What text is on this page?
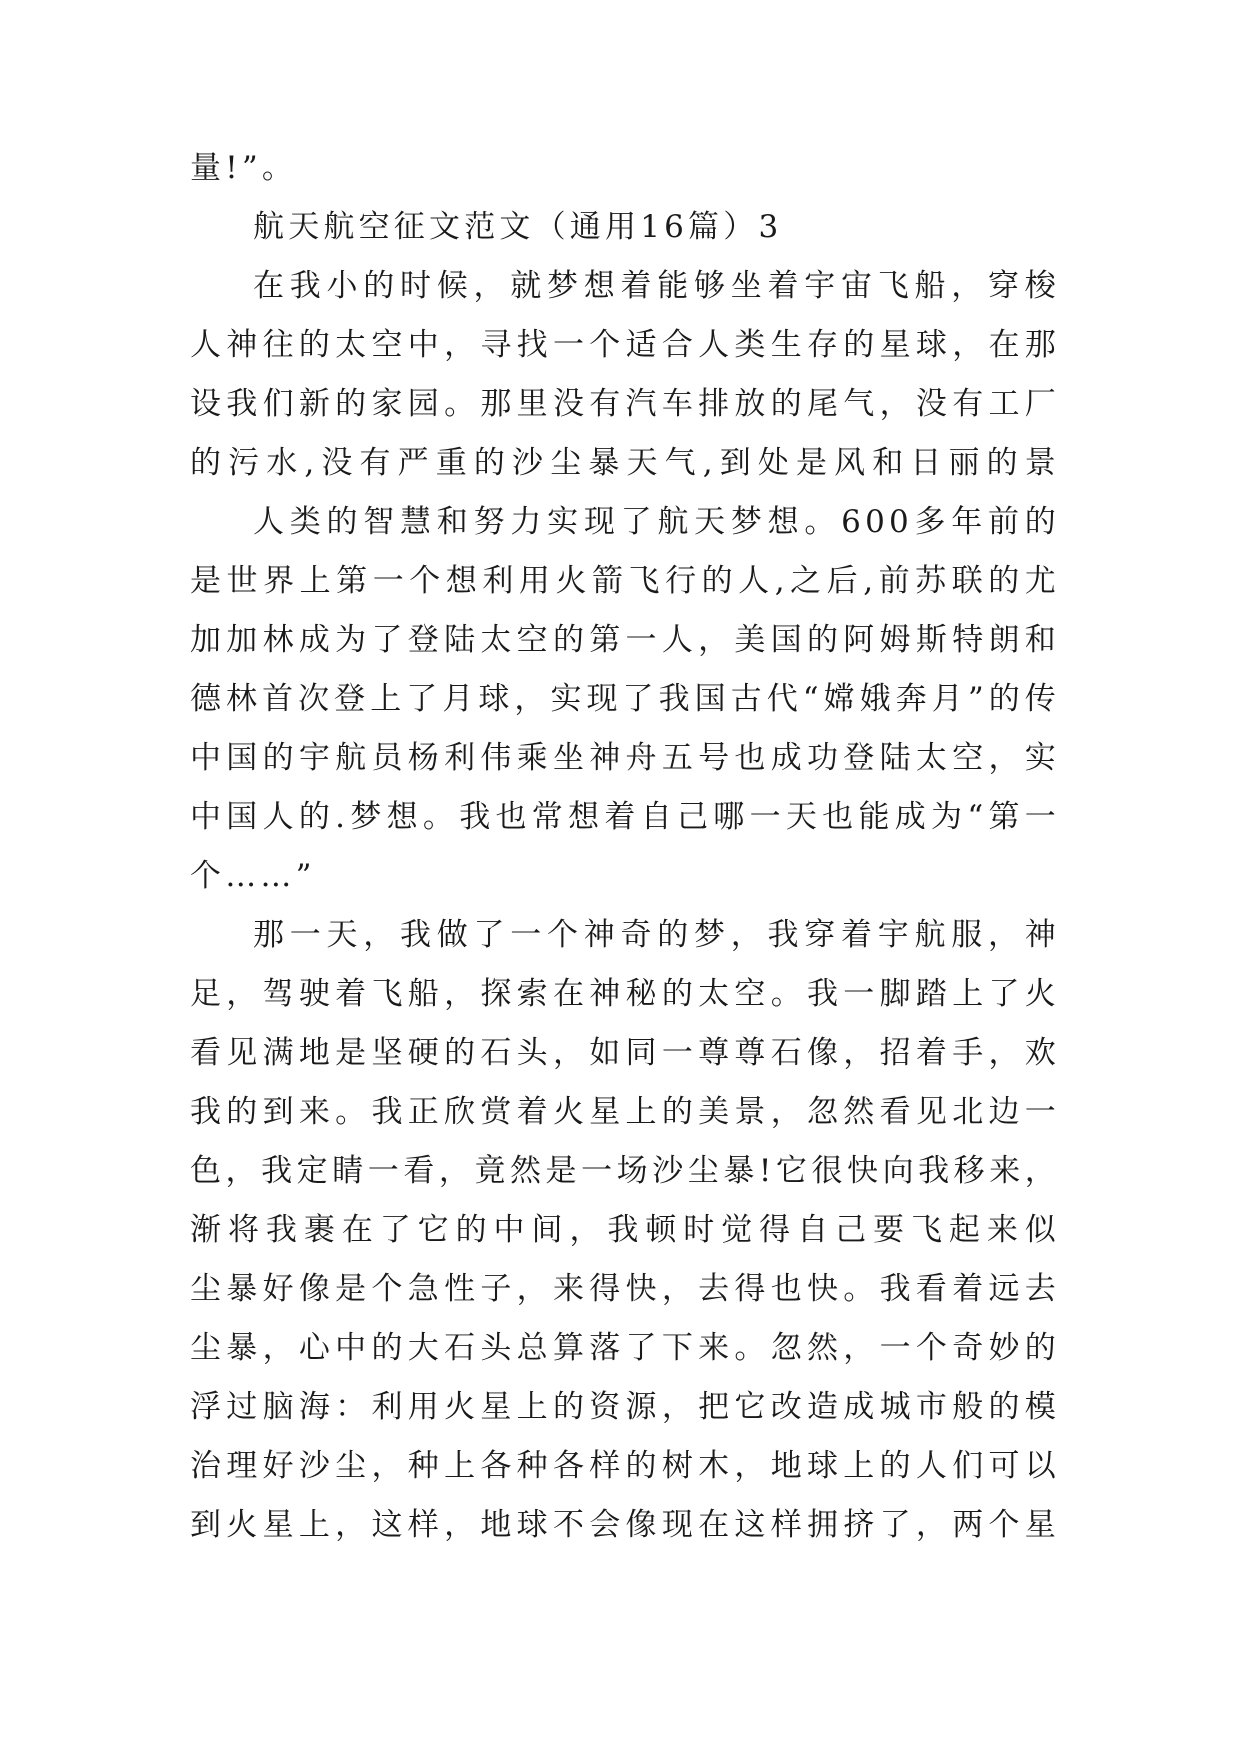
量!”。

航天航空征文范文（通用16篇）3

在我小的时候，就梦想着能够坐着宇宙飞船，穿梭

人神往的太空中，寻找一个适合人类生存的星球，在那

设我们新的家园。那里没有汽车排放的尾气，没有工厂

的污水,没有严重的沙尘暴天气,到处是风和日丽的景

人类的智慧和努力实现了航天梦想。600多年前的

是世界上第一个想利用火箭飞行的人,之后,前苏联的尤

加加林成为了登陆太空的第一人，美国的阿姆斯特朗和

德林首次登上了月球，实现了我国古代“嫦娥奔月”的传

中国的宇航员杨利伟乘坐神舟五号也成功登陆太空，实

中国人的.梦想。我也常想着自己哪一天也能成为“第一

个……”

那一天，我做了一个神奇的梦，我穿着宇航服，神

足，驾驶着飞船，探索在神秘的太空。我一脚踏上了火

看见满地是坚硬的石头，如同一尊尊石像，招着手，欢

我的到来。我正欣赏着火星上的美景，忽然看见北边一

色，我定睛一看，竟然是一场沙尘暴!它很快向我移来，

渐将我裹在了它的中间，我顿时觉得自己要飞起来似

尘暴好像是个急性子，来得快，去得也快。我看着远去

尘暴，心中的大石头总算落了下来。忽然，一个奇妙的

浮过脑海：利用火星上的资源，把它改造成城市般的模

治理好沙尘，种上各种各样的树木，地球上的人们可以

到火星上，这样，地球不会像现在这样拥挤了，两个星
